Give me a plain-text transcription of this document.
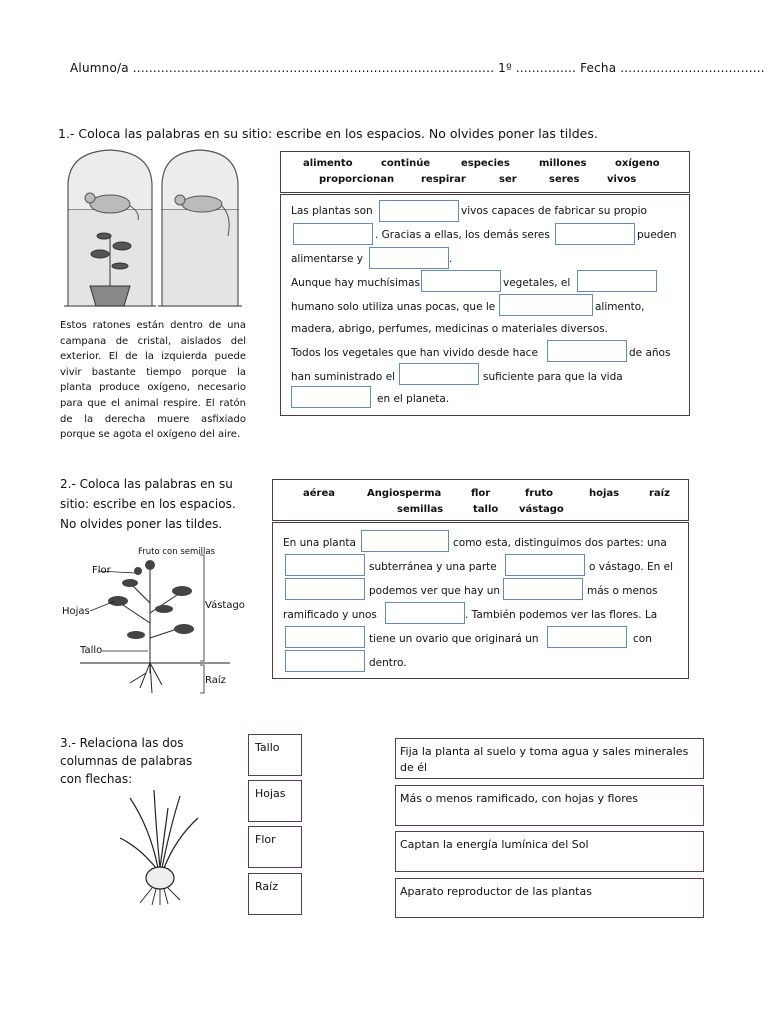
Alumno/a .......................................................................................... 1º ............... Fecha ....................................
1.- Coloca las palabras en su sitio: escribe en los espacios. No olvides poner las tildes.
Estos ratones están dentro de una campana de cristal, aislados del exterior. El de la izquierda puede vivir bastante tiempo porque la planta produce oxígeno, necesario para que el animal respire. El ratón de la derecha muere asfixiado porque se agota el oxígeno del aire.
alimento	continúe	especies	millones	oxígeno
proporcionan	respirar	ser	seres	vivos
Las plantas son	vivos capaces de fabricar su propio
. Gracias a ellas, los demás seres	pueden
alimentarse y	.
Aunque hay muchísimas	vegetales, el
humano solo utiliza unas pocas, que le	alimento,
madera, abrigo, perfumes, medicinas o materiales diversos.
Todos los vegetales que han vivido desde hace	de años
han suministrado el	suficiente para que la vida
en el planeta.
2.- Coloca las palabras en su sitio: escribe en los espacios. No olvides poner las tildes.
Fruto con semillas
Flor
Hojas
Vástago
Tallo
Raíz
aérea	Angiosperma	flor	fruto	hojas	raíz
semillas	tallo vástago
En una planta	como esta, distinguimos dos partes: una
subterránea y una parte	o vástago. En el
podemos ver que hay un	más o menos
ramificado y unos	. También podemos ver las flores. La
tiene un ovario que originará un	con
dentro.
3.- Relaciona las dos columnas de palabras con flechas:
Tallo
Hojas
Flor
Raíz
Fija la planta al suelo y toma agua y sales minerales de él
Más o menos ramificado, con hojas y flores
Captan la energía lumínica del Sol
Aparato reproductor de las plantas
